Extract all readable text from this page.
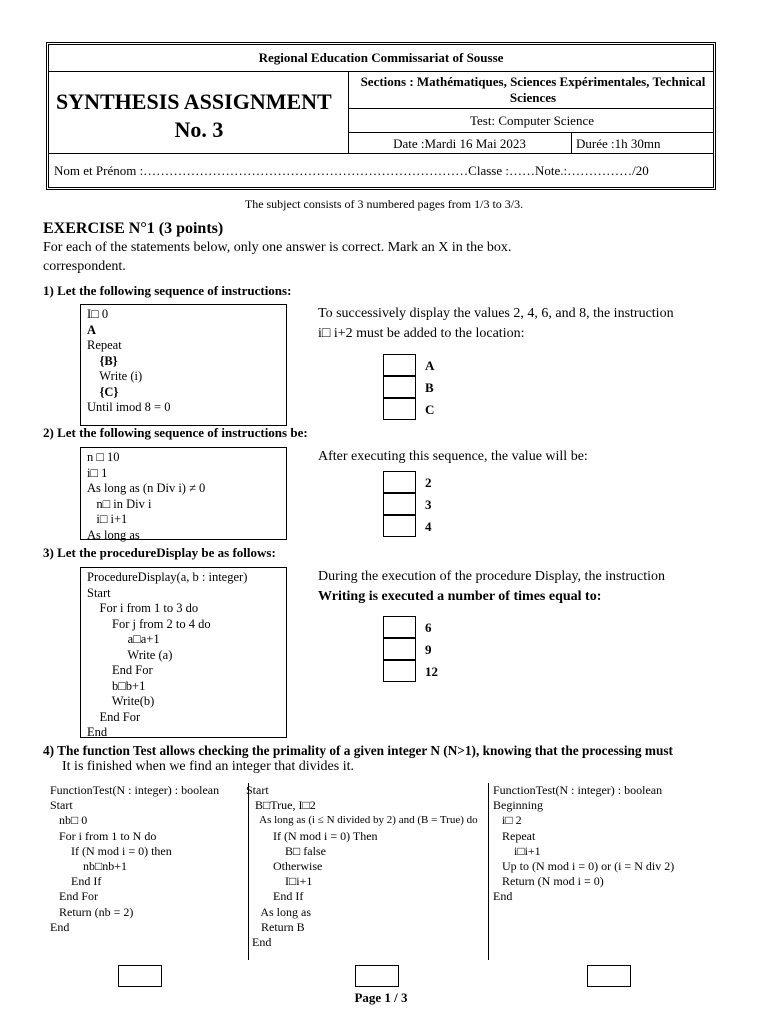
Regional Education Commissariat of Sousse
SYNTHESIS ASSIGNMENT
No. 3
Sections : Mathématiques, Sciences Expérimentales, Technical Sciences
Test: Computer Science
Date :Mardi 16 Mai 2023	Durée :1h 30mn
Nom et Prénom :…………………………………………………………………Classe :……Note.:……………/20
The subject consists of 3 numbered pages from 1/3 to 3/3.
EXERCISE N°1 (3 points)
For each of the statements below, only one answer is correct. Mark an X in the box.
correspondent.
1) Let the following sequence of instructions:
I□ 0
A
Repeat
{B}
Write (i)
{C}
Until imod 8 = 0
To successively display the values 2, 4, 6, and 8, the instruction
i□ i+2 must be added to the location:
A
B
C
2) Let the following sequence of instructions be:
n □ 10
i□ 1
As long as (n Div i) ≠ 0
n□ in Div i
i□ i+1
As long as
After executing this sequence, the value will be:
2
3
4
3) Let the procedureDisplay be as follows:
ProcedureDisplay(a, b : integer)
Start
For i from 1 to 3 do
For j from 2 to 4 do
a□a+1
Write (a)
End For
b□b+1
Write(b)
End For
End
During the execution of the procedure Display, the instruction
Writing is executed a number of times equal to:
6
9
12
4) The function Test allows checking the primality of a given integer N (N>1), knowing that the processing must
It is finished when we find an integer that divides it.
FunctionTest(N : integer) : boolean
Start
nb□ 0
For i from 1 to N do
If (N mod i = 0) then
nb□nb+1
End If
End For
Return (nb = 2)
End
Start
B□True, I□2
As long as (i ≤ N divided by 2) and (B = True) do
If (N mod i = 0) Then
B□ false
Otherwise
I□i+1
End If
As long as
Return B
End
FunctionTest(N : integer) : boolean
Beginning
i□ 2
Repeat
i□i+1
Up to (N mod i = 0) or (i = N div 2)
Return (N mod i = 0)
End
Page 1 / 3
